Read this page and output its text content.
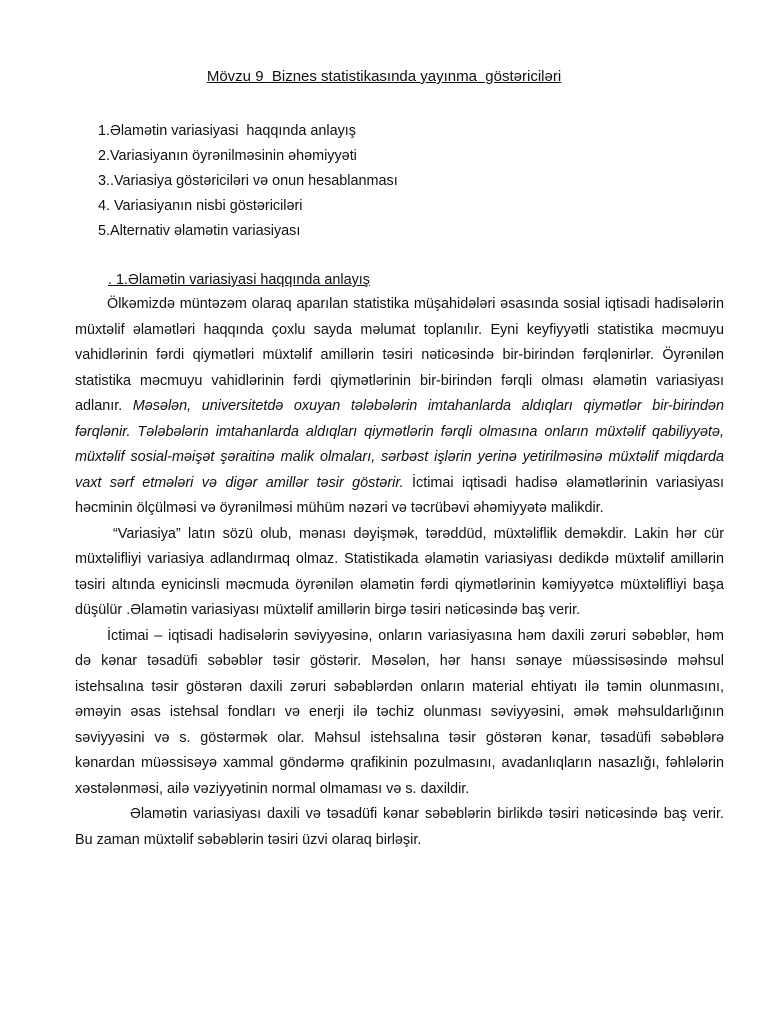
Mövzu 9  Biznes statistikasında yayınma  göstəriciləri
1.Əlamətin variasiyasi  haqqında anlayış
2.Variasiyanın öyrənilməsinin əhəmiyyəti
3..Variasiya göstəriciləri və onun hesablanması
4. Variasiyanın nisbi göstəriciləri
5.Alternativ əlamətin variasiyası
. 1.Əlamətin variasiyasi haqqında anlayış

Ölkəmizdə müntəzəm olaraq aparılan statistika müşahidələri əsasında sosial iqtisadi hadisələrin müxtəlif əlamətləri haqqında çoxlu sayda məlumat toplanılır. Eyni keyfiyyətli statistika məcmuyu vahidlərinin fərdi qiymətləri müxtəlif amillərin təsiri nəticəsində bir-birindən fərqlənirlər. Öyrənilən statistika məcmuyu vahidlərinin fərdi qiymətlərinin bir-birindən fərqli olması əlamətin variasiyası adlanır. Məsələn, universitetdə oxuyan tələbələrin imtahanlarda aldıqları qiymətlər bir-birindən fərqlənir. Tələbələrin imtahanlarda aldıqları qiymətlərin fərqli olmasına onların müxtəlif qabiliyyətə, müxtəlif sosial-məişət şəraitinə malik olmaları, sərbəst işlərin yerinə yetirilməsinə müxtəlif miqdarda vaxt sərf etmələri və digər amillər təsir göstərir. İctimai iqtisadi hadisə əlamətlərinin variasiyası həcminin ölçülməsi və öyrənilməsi mühüm nəzəri və təcrübəvi əhəmiyyətə malikdir.

“Variasiya” latın sözü olub, mənası dəyişmək, tərəddüd, müxtəliflik deməkdir. Lakin hər cür müxtəlifliyi variasiya adlandırmaq olmaz. Statistikada əlamətin variasiyası dedikdə müxtəlif amillərin təsiri altında eynicinsli məcmuda öyrənilən əlamətin fərdi qiymətlərinin kəmiyyətcə müxtəlifliyi başa düşülür .Əlamətin variasiyası müxtəlif amillərin birgə təsiri nəticəsində baş verir.

İctimai – iqtisadi hadisələrin səviyyəsinə, onların variasiyasına həm daxili zəruri səbəblər, həm də kənar təsadüfi səbəblər təsir göstərir. Məsələn, hər hansı sənaye müəssisəsində məhsul istehsalına təsir göstərən daxili zəruri səbəblərdən onların material ehtiyatı ilə təmin olunmasını, əməyin əsas istehsal fondları və enerji ilə təchiz olunması səviyyəsini, əmək məhsuldarlığının səviyyəsini və s. göstərmək olar. Məhsul istehsalına təsir göstərən kənar, təsadüfi səbəblərə kənardan müəssisəyə xammal göndərmə qrafikinin pozulmasını, avadanlıqların nasazlığı, fəhlələrin xəstələnməsi, ailə vəziyyətinin normal olmaması və s. daxildir.

Əlamətin variasiyası daxili və təsadüfi kənar səbəblərin birlikdə təsiri nəticəsində baş verir. Bu zaman müxtəlif səbəblərin təsiri üzvi olaraq birləşir.
